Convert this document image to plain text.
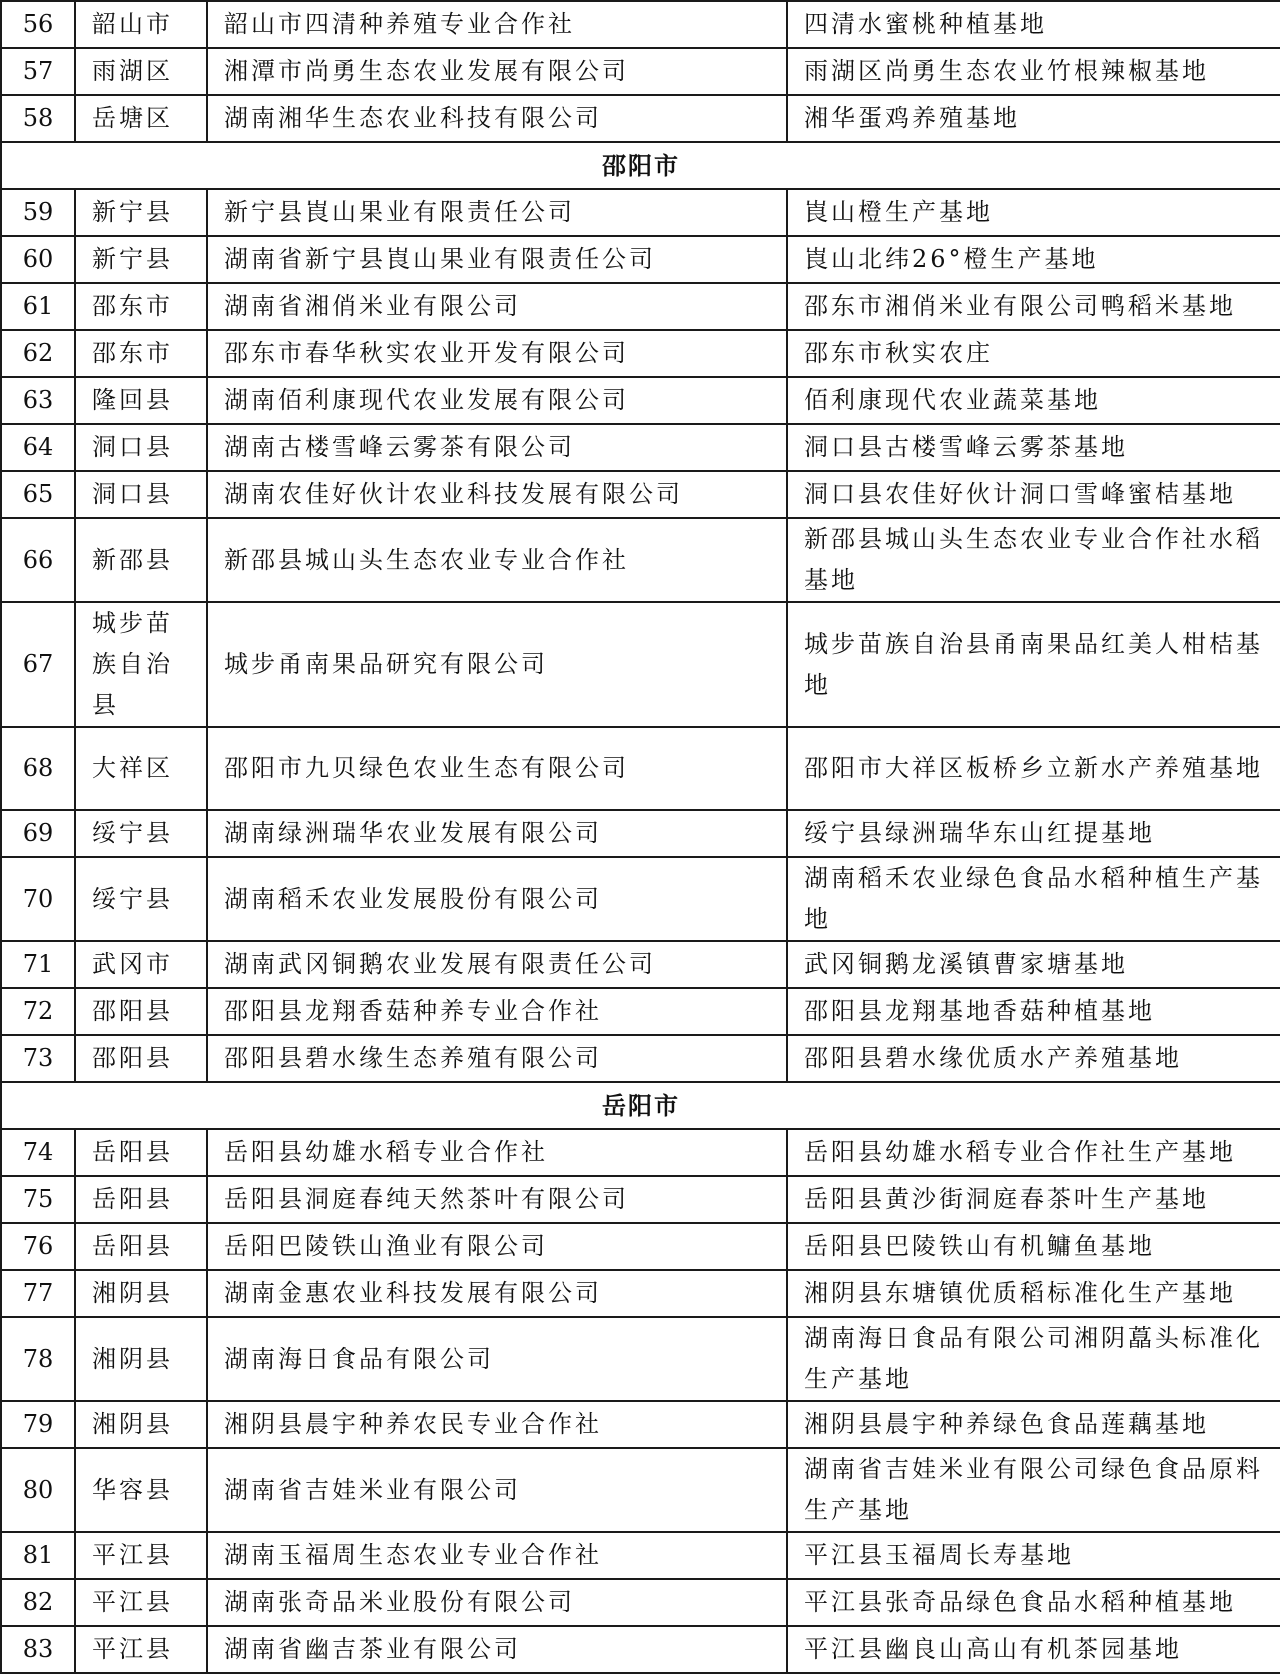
56	韶山市	韶山市四清种养殖专业合作社	四清水蜜桃种植基地
57	雨湖区	湘潭市尚勇生态农业发展有限公司	雨湖区尚勇生态农业竹根辣椒基地
58	岳塘区	湖南湘华生态农业科技有限公司	湘华蛋鸡养殖基地
邵阳市			
59	新宁县	新宁县崀山果业有限责任公司	崀山橙生产基地
60	新宁县	湖南省新宁县崀山果业有限责任公司	崀山北纬26°橙生产基地
61	邵东市	湖南省湘俏米业有限公司	邵东市湘俏米业有限公司鸭稻米基地
62	邵东市	邵东市春华秋实农业开发有限公司	邵东市秋实农庄
63	隆回县	湖南佰利康现代农业发展有限公司	佰利康现代农业蔬菜基地
64	洞口县	湖南古楼雪峰云雾茶有限公司	洞口县古楼雪峰云雾茶基地
65	洞口县	湖南农佳好伙计农业科技发展有限公司	洞口县农佳好伙计洞口雪峰蜜桔基地
66	新邵县	新邵县城山头生态农业专业合作社	新邵县城山头生态农业专业合作社水稻基地
67	城步苗族自治县	城步甬南果品研究有限公司	城步苗族自治县甬南果品红美人柑桔基地
68	大祥区	邵阳市九贝绿色农业生态有限公司	邵阳市大祥区板桥乡立新水产养殖基地
69	绥宁县	湖南绿洲瑞华农业发展有限公司	绥宁县绿洲瑞华东山红提基地
70	绥宁县	湖南稻禾农业发展股份有限公司	湖南稻禾农业绿色食品水稻种植生产基地
71	武冈市	湖南武冈铜鹅农业发展有限责任公司	武冈铜鹅龙溪镇曹家塘基地
72	邵阳县	邵阳县龙翔香菇种养专业合作社	邵阳县龙翔基地香菇种植基地
73	邵阳县	邵阳县碧水缘生态养殖有限公司	邵阳县碧水缘优质水产养殖基地
岳阳市			
74	岳阳县	岳阳县幼雄水稻专业合作社	岳阳县幼雄水稻专业合作社生产基地
75	岳阳县	岳阳县洞庭春纯天然茶叶有限公司	岳阳县黄沙街洞庭春茶叶生产基地
76	岳阳县	岳阳巴陵铁山渔业有限公司	岳阳县巴陵铁山有机鳙鱼基地
77	湘阴县	湖南金惠农业科技发展有限公司	湘阴县东塘镇优质稻标准化生产基地
78	湘阴县	湖南海日食品有限公司	湖南海日食品有限公司湘阴藠头标准化生产基地
79	湘阴县	湘阴县晨宇种养农民专业合作社	湘阴县晨宇种养绿色食品莲藕基地
80	华容县	湖南省吉娃米业有限公司	湖南省吉娃米业有限公司绿色食品原料生产基地
81	平江县	湖南玉福周生态农业专业合作社	平江县玉福周长寿基地
82	平江县	湖南张奇品米业股份有限公司	平江县张奇品绿色食品水稻种植基地
83	平江县	湖南省幽吉茶业有限公司	平江县幽良山高山有机茶园基地
